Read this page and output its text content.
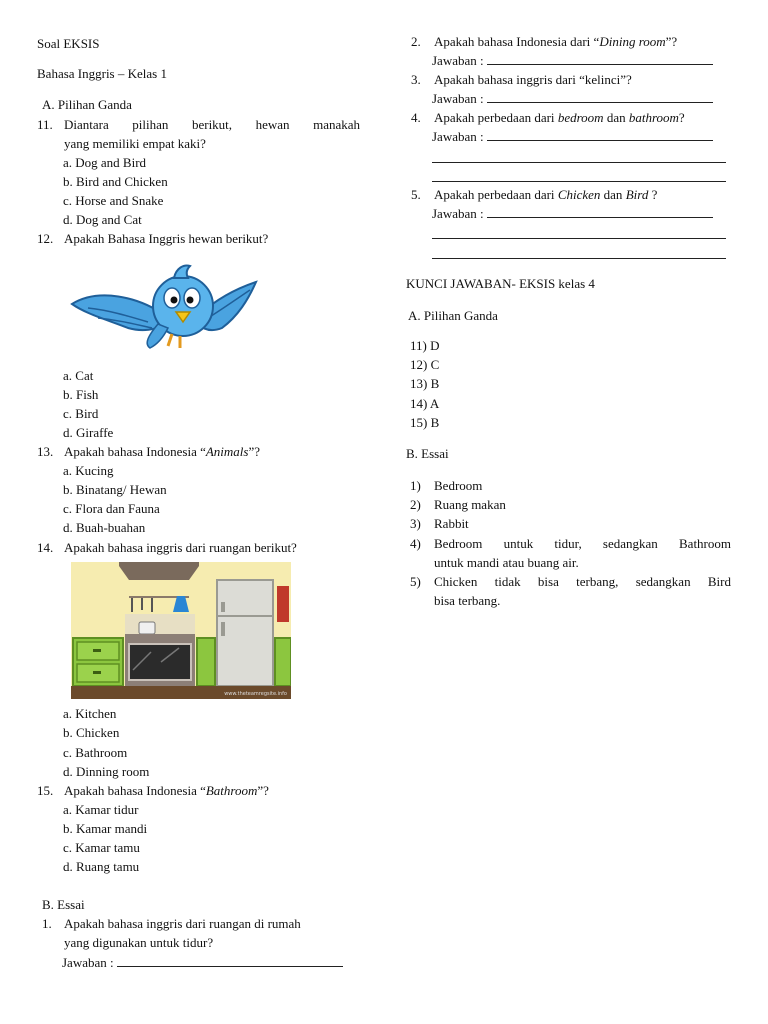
Soal EKSIS
Bahasa Inggris – Kelas 1
A. Pilihan Ganda
11. Diantara pilihan berikut, hewan manakah
yang memiliki empat kaki?
a. Dog and Bird
b. Bird and Chicken
c. Horse and Snake
d. Dog and Cat
12. Apakah Bahasa Inggris hewan berikut?
a. Cat
b. Fish
c. Bird
d. Giraffe
13. Apakah bahasa Indonesia “Animals”?
a. Kucing
b. Binatang/ Hewan
c. Flora dan Fauna
d. Buah-buahan
14. Apakah bahasa inggris dari ruangan berikut?
www.theteamregsite.info
a. Kitchen
b. Chicken
c. Bathroom
d. Dinning room
15. Apakah bahasa Indonesia “Bathroom”?
a. Kamar tidur
b. Kamar mandi
c. Kamar tamu
d. Ruang tamu
B. Essai
1. Apakah bahasa inggris dari ruangan di rumah
yang digunakan untuk tidur?
Jawaban :
2. Apakah bahasa Indonesia dari “Dining room”?
Jawaban :
3. Apakah bahasa inggris dari “kelinci”?
Jawaban :
4. Apakah perbedaan dari bedroom dan bathroom?
Jawaban :
5. Apakah perbedaan dari Chicken dan Bird ?
Jawaban :
KUNCI JAWABAN- EKSIS kelas 4
A. Pilihan Ganda
11) D
12) C
13) B
14) A
15) B
B. Essai
1) Bedroom
2) Ruang makan
3) Rabbit
4) Bedroom untuk tidur, sedangkan Bathroom
untuk mandi atau buang air.
5) Chicken tidak bisa terbang, sedangkan Bird
bisa terbang.
